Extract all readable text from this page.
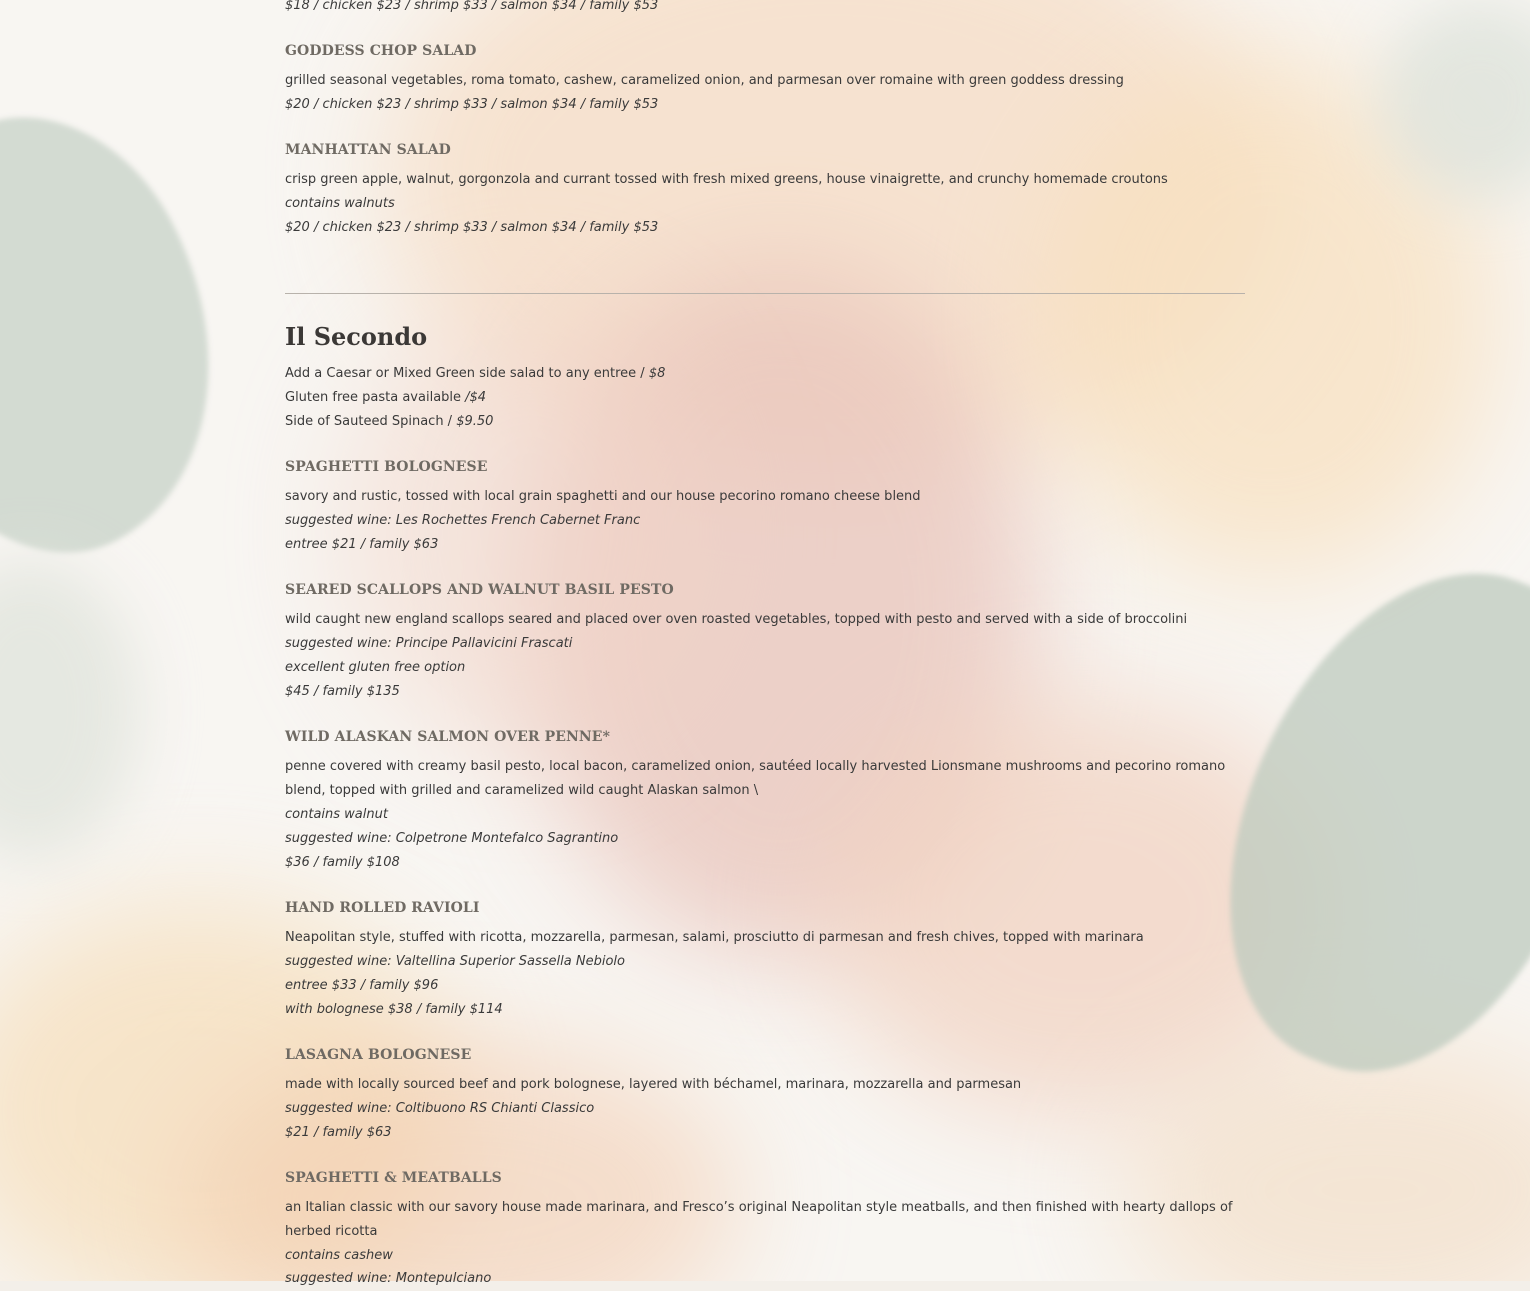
$18 / chicken $23 / shrimp $33 / salmon $34 / family $53
GODDESS CHOP SALAD
grilled seasonal vegetables, roma tomato, cashew, caramelized onion, and parmesan over romaine with green goddess dressing
$20 / chicken $23 / shrimp $33 / salmon $34 / family $53
MANHATTAN SALAD
crisp green apple, walnut, gorgonzola and currant tossed with fresh mixed greens, house vinaigrette, and crunchy homemade croutons
contains walnuts
$20 / chicken $23 / shrimp $33 / salmon $34 / family $53
Il Secondo
Add a Caesar or Mixed Green side salad to any entree / $8
Gluten free pasta available /$4
Side of Sauteed Spinach / $9.50
SPAGHETTI BOLOGNESE
savory and rustic, tossed with local grain spaghetti and our house pecorino romano cheese blend
suggested wine: Les Rochettes French Cabernet Franc
entree $21 / family $63
SEARED SCALLOPS AND WALNUT BASIL PESTO
wild caught new england scallops seared and placed over oven roasted vegetables, topped with pesto and served with a side of broccolini
suggested wine: Principe Pallavicini Frascati
excellent gluten free option
$45 / family $135
WILD ALASKAN SALMON OVER PENNE*
penne covered with creamy basil pesto, local bacon, caramelized onion, sautéed locally harvested Lionsmane mushrooms and pecorino romano blend, topped with grilled and caramelized wild caught Alaskan salmon \
contains walnut
suggested wine: Colpetrone Montefalco Sagrantino
$36 / family $108
HAND ROLLED RAVIOLI
Neapolitan style, stuffed with ricotta, mozzarella, parmesan, salami, prosciutto di parmesan and fresh chives, topped with marinara
suggested wine: Valtellina Superior Sassella Nebiolo
entree $33 / family $96
with bolognese $38 / family $114
LASAGNA BOLOGNESE
made with locally sourced beef and pork bolognese, layered with béchamel, marinara, mozzarella and parmesan
suggested wine: Coltibuono RS Chianti Classico
$21 / family $63
SPAGHETTI & MEATBALLS
an Italian classic with our savory house made marinara, and Fresco’s original Neapolitan style meatballs, and then finished with hearty dallops of herbed ricotta
contains cashew
suggested wine: Montepulciano
